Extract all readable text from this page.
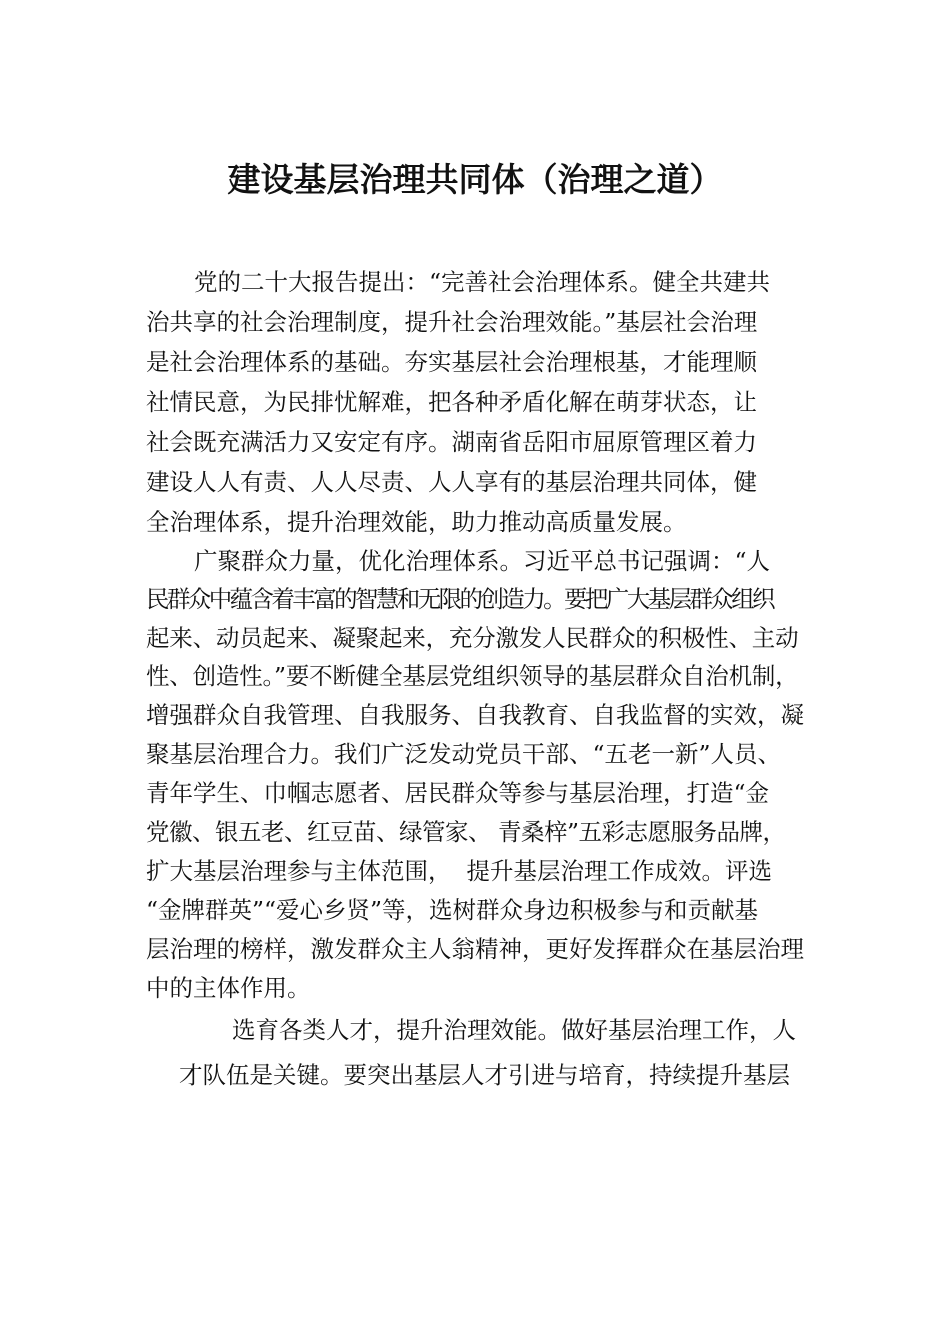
建设基层治理共同体（治理之道）
党的二十大报告提出：“完善社会治理体系。健全共建共
治共享的社会治理制度，提升社会治理效能。”基层社会治理
是社会治理体系的基础。夯实基层社会治理根基，才能理顺
社情民意，为民排忧解难，把各种矛盾化解在萌芽状态，让
社会既充满活力又安定有序。湖南省岳阳市屈原管理区着力
建设人人有责、人人尽责、人人享有的基层治理共同体，健
全治理体系，提升治理效能，助力推动高质量发展。
广聚群众力量，优化治理体系。习近平总书记强调：“人
民群众中蕴含着丰富的智慧和无限的创造力。要把广大基层群众组织
起来、动员起来、凝聚起来，充分激发人民群众的积极性、主动
性、创造性。”要不断健全基层党组织领导的基层群众自治机制，
增强群众自我管理、自我服务、自我教育、自我监督的实效，凝
聚基层治理合力。我们广泛发动党员干部、“五老一新”人员、
青年学生、巾帼志愿者、居民群众等参与基层治理，打造“金
党徽、银五老、红豆苗、绿管家、 青桑梓”五彩志愿服务品牌，
扩大基层治理参与主体范围，  提升基层治理工作成效。评选
“金牌群英”“爱心乡贤”等，选树群众身边积极参与和贡献基
层治理的榜样，激发群众主人翁精神，更好发挥群众在基层治理
中的主体作用。
选育各类人才，提升治理效能。做好基层治理工作，人
才队伍是关键。要突出基层人才引进与培育，持续提升基层
